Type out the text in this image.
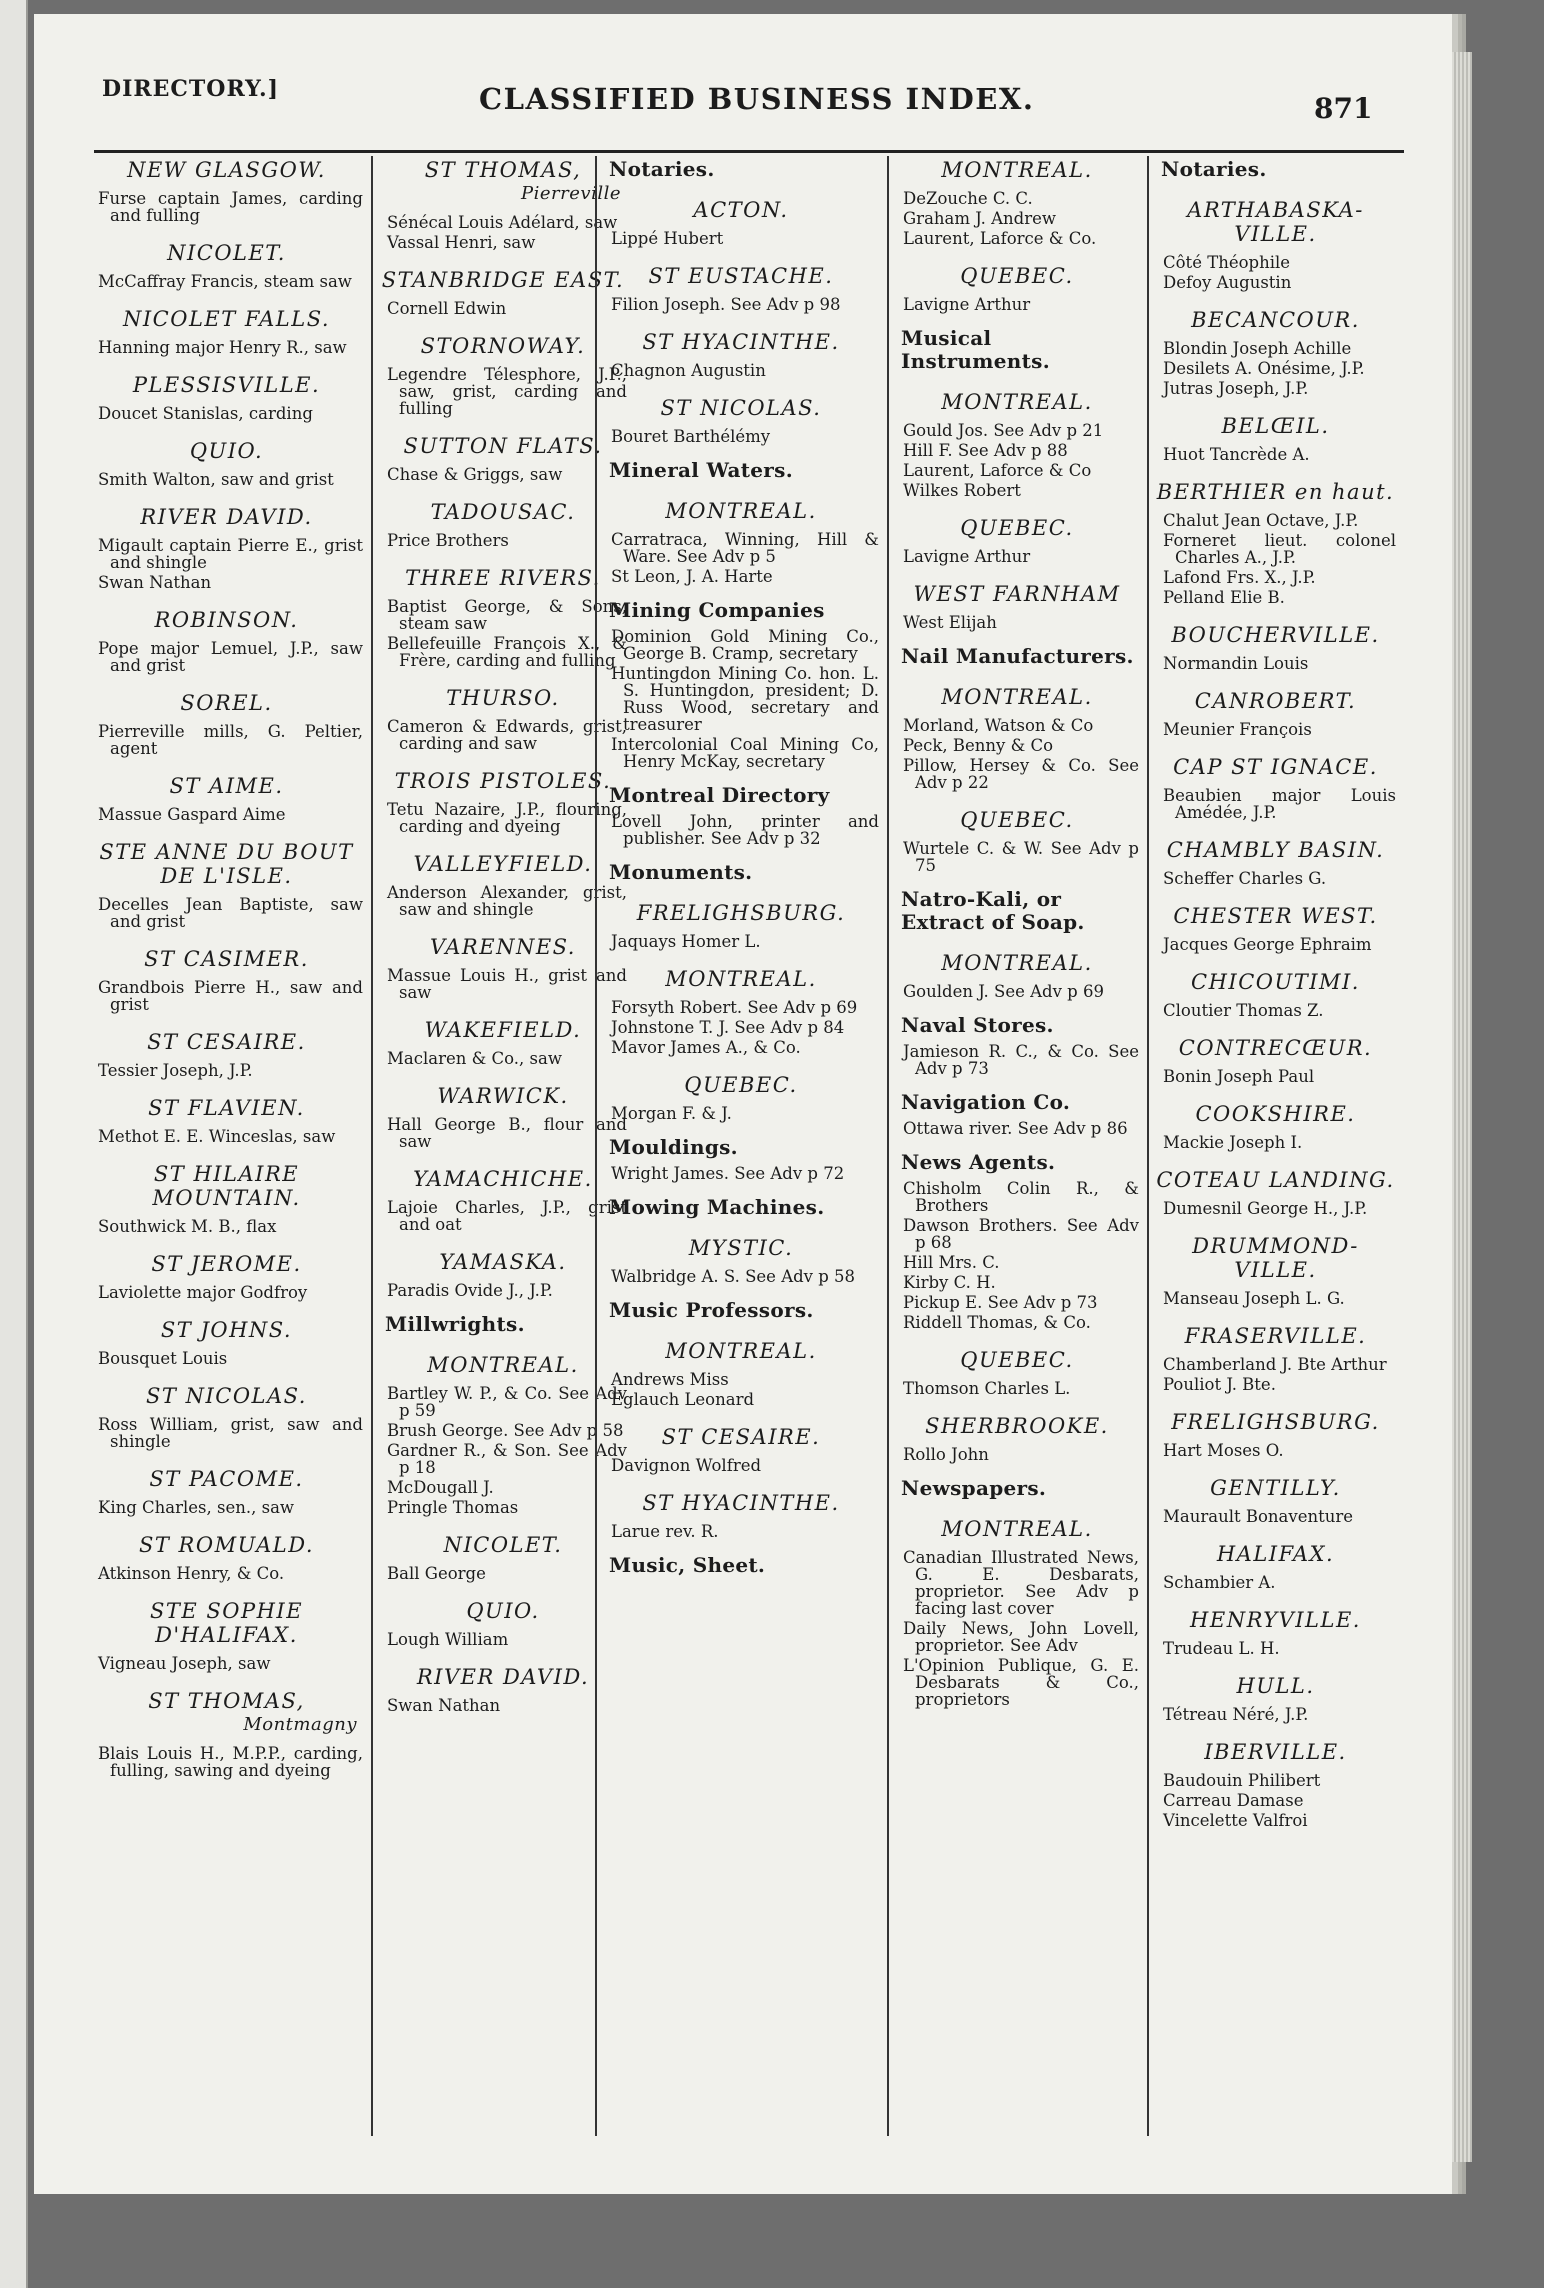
DIRECTORY.]	CLASSIFIED BUSINESS INDEX.	871
NEW GLASGOW.
Furse captain James, carding and fulling
NICOLET.
McCaffray Francis, steam saw
NICOLET FALLS.
Hanning major Henry R., saw
PLESSISVILLE.
Doucet Stanislas, carding
QUIO.
Smith Walton, saw and grist
RIVER DAVID.
Migault captain Pierre E., grist and shingle
Swan Nathan
ROBINSON.
Pope major Lemuel, J.P., saw and grist
SOREL.
Pierreville mills, G. Peltier, agent
ST AIME.
Massue Gaspard Aime
STE ANNE DU BOUT DE L'ISLE.
Decelles Jean Baptiste, saw and grist
ST CASIMER.
Grandbois Pierre H., saw and grist
ST CESAIRE.
Tessier Joseph, J.P.
ST FLAVIEN.
Methot E. E. Winceslas, saw
ST HILAIRE MOUNTAIN.
Southwick M. B., flax
ST JEROME.
Laviolette major Godfroy
ST JOHNS.
Bousquet Louis
ST NICOLAS.
Ross William, grist, saw and shingle
ST PACOME.
King Charles, sen., saw
ST ROMUALD.
Atkinson Henry, & Co.
STE SOPHIE D'HALIFAX.
Vigneau Joseph, saw
ST THOMAS,
Montmagny
Blais Louis H., M.P.P., carding, fulling, sawing and dyeing
ST THOMAS,
Pierreville
Sénécal Louis Adélard, saw
Vassal Henri, saw
STANBRIDGE EAST.
Cornell Edwin
STORNOWAY.
Legendre Télesphore, J.P., saw, grist, carding and fulling
SUTTON FLATS.
Chase & Griggs, saw
TADOUSAC.
Price Brothers
THREE RIVERS.
Baptist George, & Sons, steam saw
Bellefeuille François X., & Frère, carding and fulling
THURSO.
Cameron & Edwards, grist, carding and saw
TROIS PISTOLES.
Tetu Nazaire, J.P., flouring, carding and dyeing
VALLEYFIELD.
Anderson Alexander, grist, saw and shingle
VARENNES.
Massue Louis H., grist and saw
WAKEFIELD.
Maclaren & Co., saw
WARWICK.
Hall George B., flour and saw
YAMACHICHE.
Lajoie Charles, J.P., grist and oat
YAMASKA.
Paradis Ovide J., J.P.
Millwrights.
MONTREAL.
Bartley W. P., & Co. See Adv p 59
Brush George. See Adv p 58
Gardner R., & Son. See Adv p 18
McDougall J.
Pringle Thomas
NICOLET.
Ball George
QUIO.
Lough William
RIVER DAVID.
Swan Nathan
Notaries.
ACTON.
Lippé Hubert
ST EUSTACHE.
Filion Joseph. See Adv p 98
ST HYACINTHE.
Chagnon Augustin
ST NICOLAS.
Bouret Barthélémy
Mineral Waters.
MONTREAL.
Carratraca, Winning, Hill & Ware. See Adv p 5
St Leon, J. A. Harte
Mining Companies
Dominion Gold Mining Co., George B. Cramp, secretary
Huntingdon Mining Co. hon. L. S. Huntingdon, president; D. Russ Wood, secretary and treasurer
Intercolonial Coal Mining Co, Henry McKay, secretary
Montreal Directory
Lovell John, printer and publisher. See Adv p 32
Monuments.
FRELIGHSBURG.
Jaquays Homer L.
MONTREAL.
Forsyth Robert. See Adv p 69
Johnstone T. J. See Adv p 84
Mavor James A., & Co.
QUEBEC.
Morgan F. & J.
Mouldings.
Wright James. See Adv p 72
Mowing Machines.
MYSTIC.
Walbridge A. S. See Adv p 58
Music Professors.
MONTREAL.
Andrews Miss
Eglauch Leonard
ST CESAIRE.
Davignon Wolfred
ST HYACINTHE.
Larue rev. R.
Music, Sheet.
MONTREAL.
DeZouche C. C.
Graham J. Andrew
Laurent, Laforce & Co.
QUEBEC.
Lavigne Arthur
Musical Instruments.
MONTREAL.
Gould Jos. See Adv p 21
Hill F. See Adv p 88
Laurent, Laforce & Co
Wilkes Robert
QUEBEC.
Lavigne Arthur
WEST FARNHAM
West Elijah
Nail Manufacturers.
MONTREAL.
Morland, Watson & Co
Peck, Benny & Co
Pillow, Hersey & Co. See Adv p 22
QUEBEC.
Wurtele C. & W. See Adv p 75
Natro-Kali, or Extract of Soap.
MONTREAL.
Goulden J. See Adv p 69
Naval Stores.
Jamieson R. C., & Co. See Adv p 73
Navigation Co.
Ottawa river. See Adv p 86
News Agents.
Chisholm Colin R., & Brothers
Dawson Brothers. See Adv p 68
Hill Mrs. C.
Kirby C. H.
Pickup E. See Adv p 73
Riddell Thomas, & Co.
QUEBEC.
Thomson Charles L.
SHERBROOKE.
Rollo John
Newspapers.
MONTREAL.
Canadian Illustrated News, G. E. Desbarats, proprietor. See Adv p facing last cover
Daily News, John Lovell, proprietor. See Adv
L'Opinion Publique, G. E. Desbarats & Co., proprietors
Notaries.
ARTHABASKA-VILLE.
Côté Théophile
Defoy Augustin
BECANCOUR.
Blondin Joseph Achille
Desilets A. Onésime, J.P.
Jutras Joseph, J.P.
BELŒIL.
Huot Tancrède A.
BERTHIER en haut.
Chalut Jean Octave, J.P.
Forneret lieut. colonel Charles A., J.P.
Lafond Frs. X., J.P.
Pelland Elie B.
BOUCHERVILLE.
Normandin Louis
CANROBERT.
Meunier François
CAP ST IGNACE.
Beaubien major Louis Amédée, J.P.
CHAMBLY BASIN.
Scheffer Charles G.
CHESTER WEST.
Jacques George Ephraim
CHICOUTIMI.
Cloutier Thomas Z.
CONTRECŒUR.
Bonin Joseph Paul
COOKSHIRE.
Mackie Joseph I.
COTEAU LANDING.
Dumesnil George H., J.P.
DRUMMOND-VILLE.
Manseau Joseph L. G.
FRASERVILLE.
Chamberland J. Bte Arthur
Pouliot J. Bte.
FRELIGHSBURG.
Hart Moses O.
GENTILLY.
Maurault Bonaventure
HALIFAX.
Schambier A.
HENRYVILLE.
Trudeau L. H.
HULL.
Tétreau Néré, J.P.
IBERVILLE.
Baudouin Philibert
Carreau Damase
Vincelette Valfroi
